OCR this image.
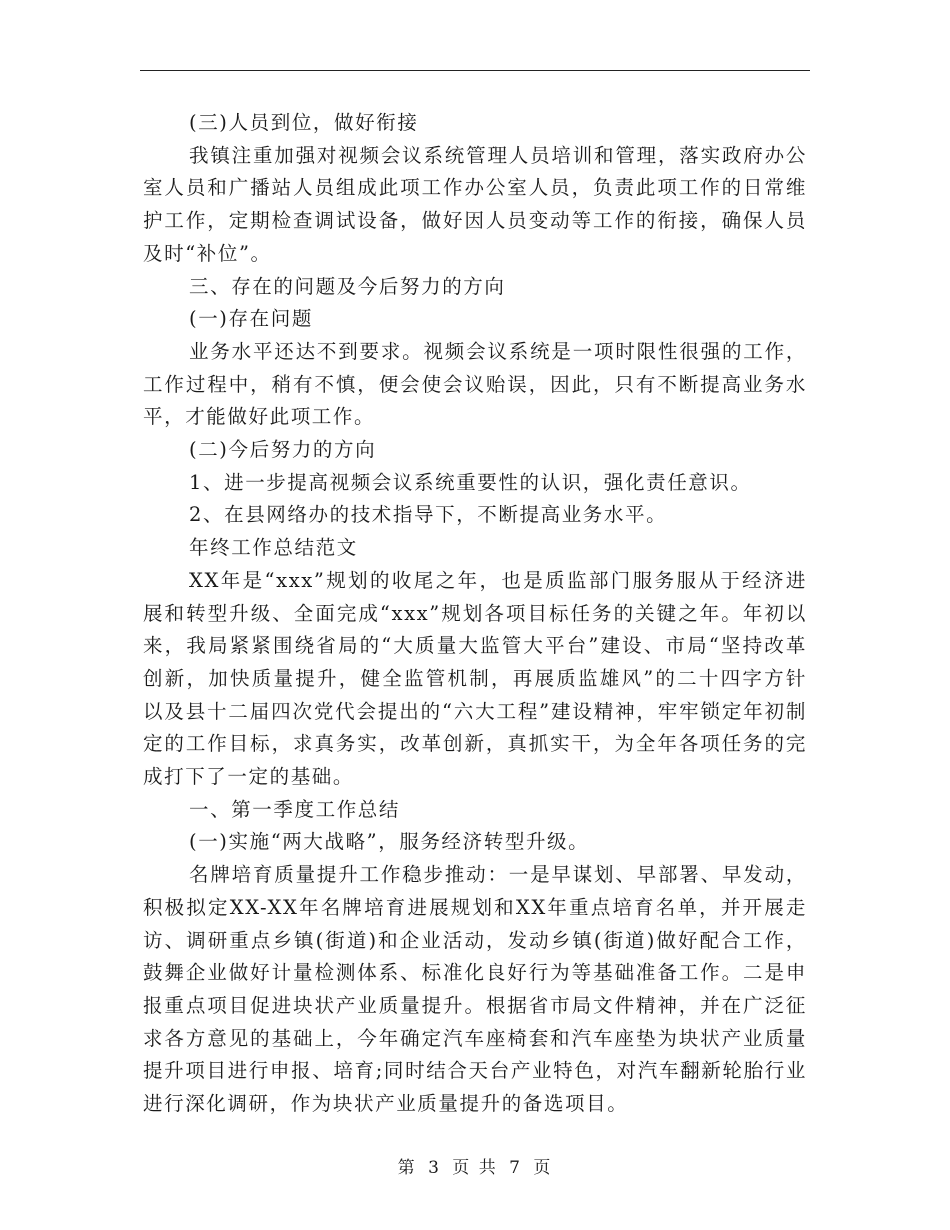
(三)人员到位，做好衔接

我镇注重加强对视频会议系统管理人员培训和管理，落实政府办公室人员和广播站人员组成此项工作办公室人员，负责此项工作的日常维护工作，定期检查调试设备，做好因人员变动等工作的衔接，确保人员及时“补位”。

三、存在的问题及今后努力的方向

(一)存在问题

业务水平还达不到要求。视频会议系统是一项时限性很强的工作，工作过程中，稍有不慎，便会使会议贻误，因此，只有不断提高业务水平，才能做好此项工作。

(二)今后努力的方向

1、进一步提高视频会议系统重要性的认识，强化责任意识。

2、在县网络办的技术指导下，不断提高业务水平。

年终工作总结范文

XX年是“xxx”规划的收尾之年，也是质监部门服务服从于经济进展和转型升级、全面完成“xxx”规划各项目标任务的关键之年。年初以来，我局紧紧围绕省局的“大质量大监管大平台”建设、市局“坚持改革创新，加快质量提升，健全监管机制，再展质监雄风”的二十四字方针以及县十二届四次党代会提出的“六大工程”建设精神，牢牢锁定年初制定的工作目标，求真务实，改革创新，真抓实干，为全年各项任务的完成打下了一定的基础。

一、第一季度工作总结

(一)实施“两大战略”，服务经济转型升级。

名牌培育质量提升工作稳步推动：一是早谋划、早部署、早发动，积极拟定XX-XX年名牌培育进展规划和XX年重点培育名单，并开展走访、调研重点乡镇(街道)和企业活动，发动乡镇(街道)做好配合工作，鼓舞企业做好计量检测体系、标准化良好行为等基础准备工作。二是申报重点项目促进块状产业质量提升。根据省市局文件精神，并在广泛征求各方意见的基础上，今年确定汽车座椅套和汽车座垫为块状产业质量提升项目进行申报、培育;同时结合天台产业特色，对汽车翻新轮胎行业进行深化调研，作为块状产业质量提升的备选项目。

第 3 页 共 7 页
